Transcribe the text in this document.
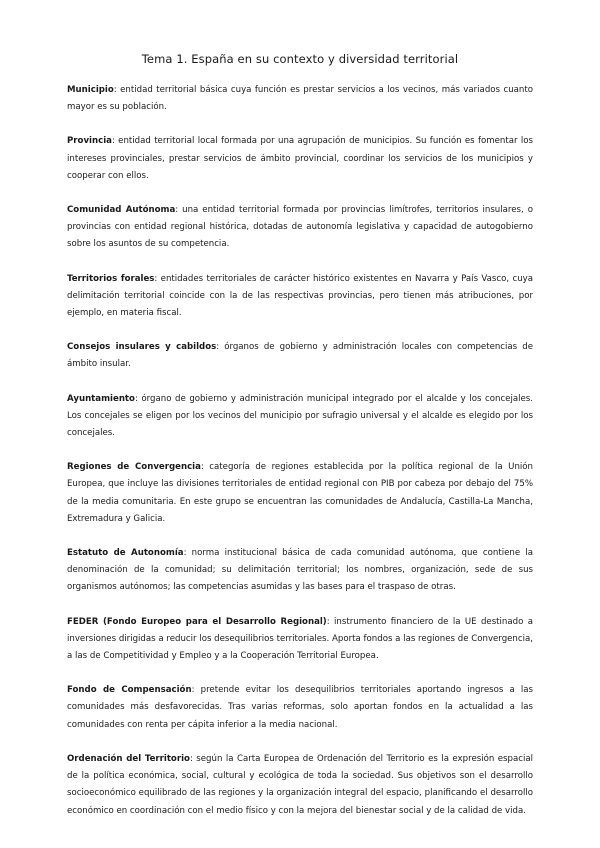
Tema 1. España en su contexto y diversidad territorial

Municipio: entidad territorial básica cuya función es prestar servicios a los vecinos, más variados cuanto mayor es su población.

Provincia: entidad territorial local formada por una agrupación de municipios. Su función es fomentar los intereses provinciales, prestar servicios de ámbito provincial, coordinar los servicios de los municipios y cooperar con ellos.

Comunidad Autónoma: una entidad territorial formada por provincias limítrofes, territorios insulares, o provincias con entidad regional histórica, dotadas de autonomía legislativa y capacidad de autogobierno sobre los asuntos de su competencia.

Territorios forales: entidades territoriales de carácter histórico existentes en Navarra y País Vasco, cuya delimitación territorial coincide con la de las respectivas provincias, pero tienen más atribuciones, por ejemplo, en materia fiscal.

Consejos insulares y cabildos: órganos de gobierno y administración locales con competencias de ámbito insular.

Ayuntamiento: órgano de gobierno y administración municipal integrado por el alcalde y los concejales. Los concejales se eligen por los vecinos del municipio por sufragio universal y el alcalde es elegido por los concejales.

Regiones de Convergencia: categoría de regiones establecida por la política regional de la Unión Europea, que incluye las divisiones territoriales de entidad regional con PIB por cabeza por debajo del 75% de la media comunitaria. En este grupo se encuentran las comunidades de Andalucía, Castilla-La Mancha, Extremadura y Galicia.

Estatuto de Autonomía: norma institucional básica de cada comunidad autónoma, que contiene la denominación de la comunidad; su delimitación territorial; los nombres, organización, sede de sus organismos autónomos; las competencias asumidas y las bases para el traspaso de otras.

FEDER (Fondo Europeo para el Desarrollo Regional): instrumento financiero de la UE destinado a inversiones dirigidas a reducir los desequilibrios territoriales. Aporta fondos a las regiones de Convergencia, a las de Competitividad y Empleo y a la Cooperación Territorial Europea.

Fondo de Compensación: pretende evitar los desequilibrios territoriales aportando ingresos a las comunidades más desfavorecidas. Tras varias reformas, solo aportan fondos en la actualidad a las comunidades con renta per cápita inferior a la media nacional.

Ordenación del Territorio: según la Carta Europea de Ordenación del Territorio es la expresión espacial de la política económica, social, cultural y ecológica de toda la sociedad. Sus objetivos son el desarrollo socioeconómico equilibrado de las regiones y la organización integral del espacio, planificando el desarrollo económico en coordinación con el medio físico y con la mejora del bienestar social y de la calidad de vida.
